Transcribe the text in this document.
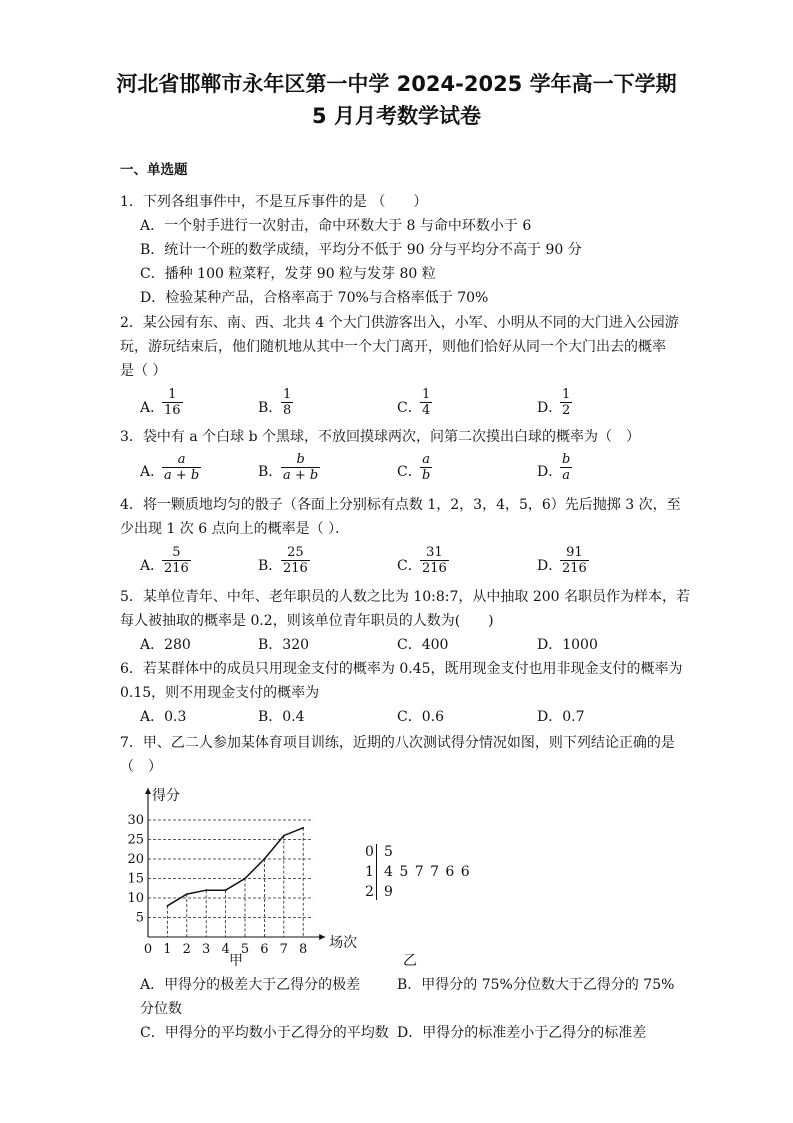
河北省邯郸市永年区第一中学 2024-2025 学年高一下学期
5 月月考数学试卷
一、单选题
1．下列各组事件中，不是互斥事件的是 （　　）
A．一个射手进行一次射击，命中环数大于 8 与命中环数小于 6
B．统计一个班的数学成绩，平均分不低于 90 分与平均分不高于 90 分
C．播种 100 粒菜籽，发芽 90 粒与发芽 80 粒
D．检验某种产品，合格率高于 70%与合格率低于 70%
2．某公园有东、南、西、北共 4 个大门供游客出入，小军、小明从不同的大门进入公园游
玩，游玩结束后，他们随机地从其中一个大门离开，则他们恰好从同一个大门出去的概率
是（ ）
A．
$\frac{1}{16}$	B．
$\frac{1}{8}$	C．
$\frac{1}{4}$	D．
$\frac{1}{2}$
3．袋中有 a 个白球 b 个黑球，不放回摸球两次，问第二次摸出白球的概率为（　）
A．
$\frac{a}{a + b}$	B．
$\frac{b}{a + b}$	C．
$\frac{a}{b}$	D．
$\frac{b}{a}$
4．将一颗质地均匀的骰子（各面上分别标有点数 1，2，3，4，5，6）先后抛掷 3 次，至
少出现 1 次 6 点向上的概率是（ ）．
A．
$\frac{5}{216}$	B．
$\frac{25}{216}$	C．
$\frac{31}{216}$	D．
$\frac{91}{216}$
5．某单位青年、中年、老年职员的人数之比为 10:8:7，从中抽取 200 名职员作为样本，若
每人被抽取的概率是 0.2，则该单位青年职员的人数为(　　)
A．280	B．320	C．400	D．1000
6．若某群体中的成员只用现金支付的概率为 0.45，既用现金支付也用非现金支付的概率为
0.15，则不用现金支付的概率为
A．0.3	B．0.4	C．0.6	D．0.7
7．甲、乙二人参加某体育项目训练，近期的八次测试得分情况如图，则下列结论正确的是
（　）
5
10
15
20
25
30
0 1 2 3 4 5 6 7 8
得分
场次
0 5
1 4 5 7 7 6 6
2 9
甲	乙
A．甲得分的极差大于乙得分的极差	B．甲得分的 75%分位数大于乙得分的 75%
分位数
C．甲得分的平均数小于乙得分的平均数 D．甲得分的标准差小于乙得分的标准差
